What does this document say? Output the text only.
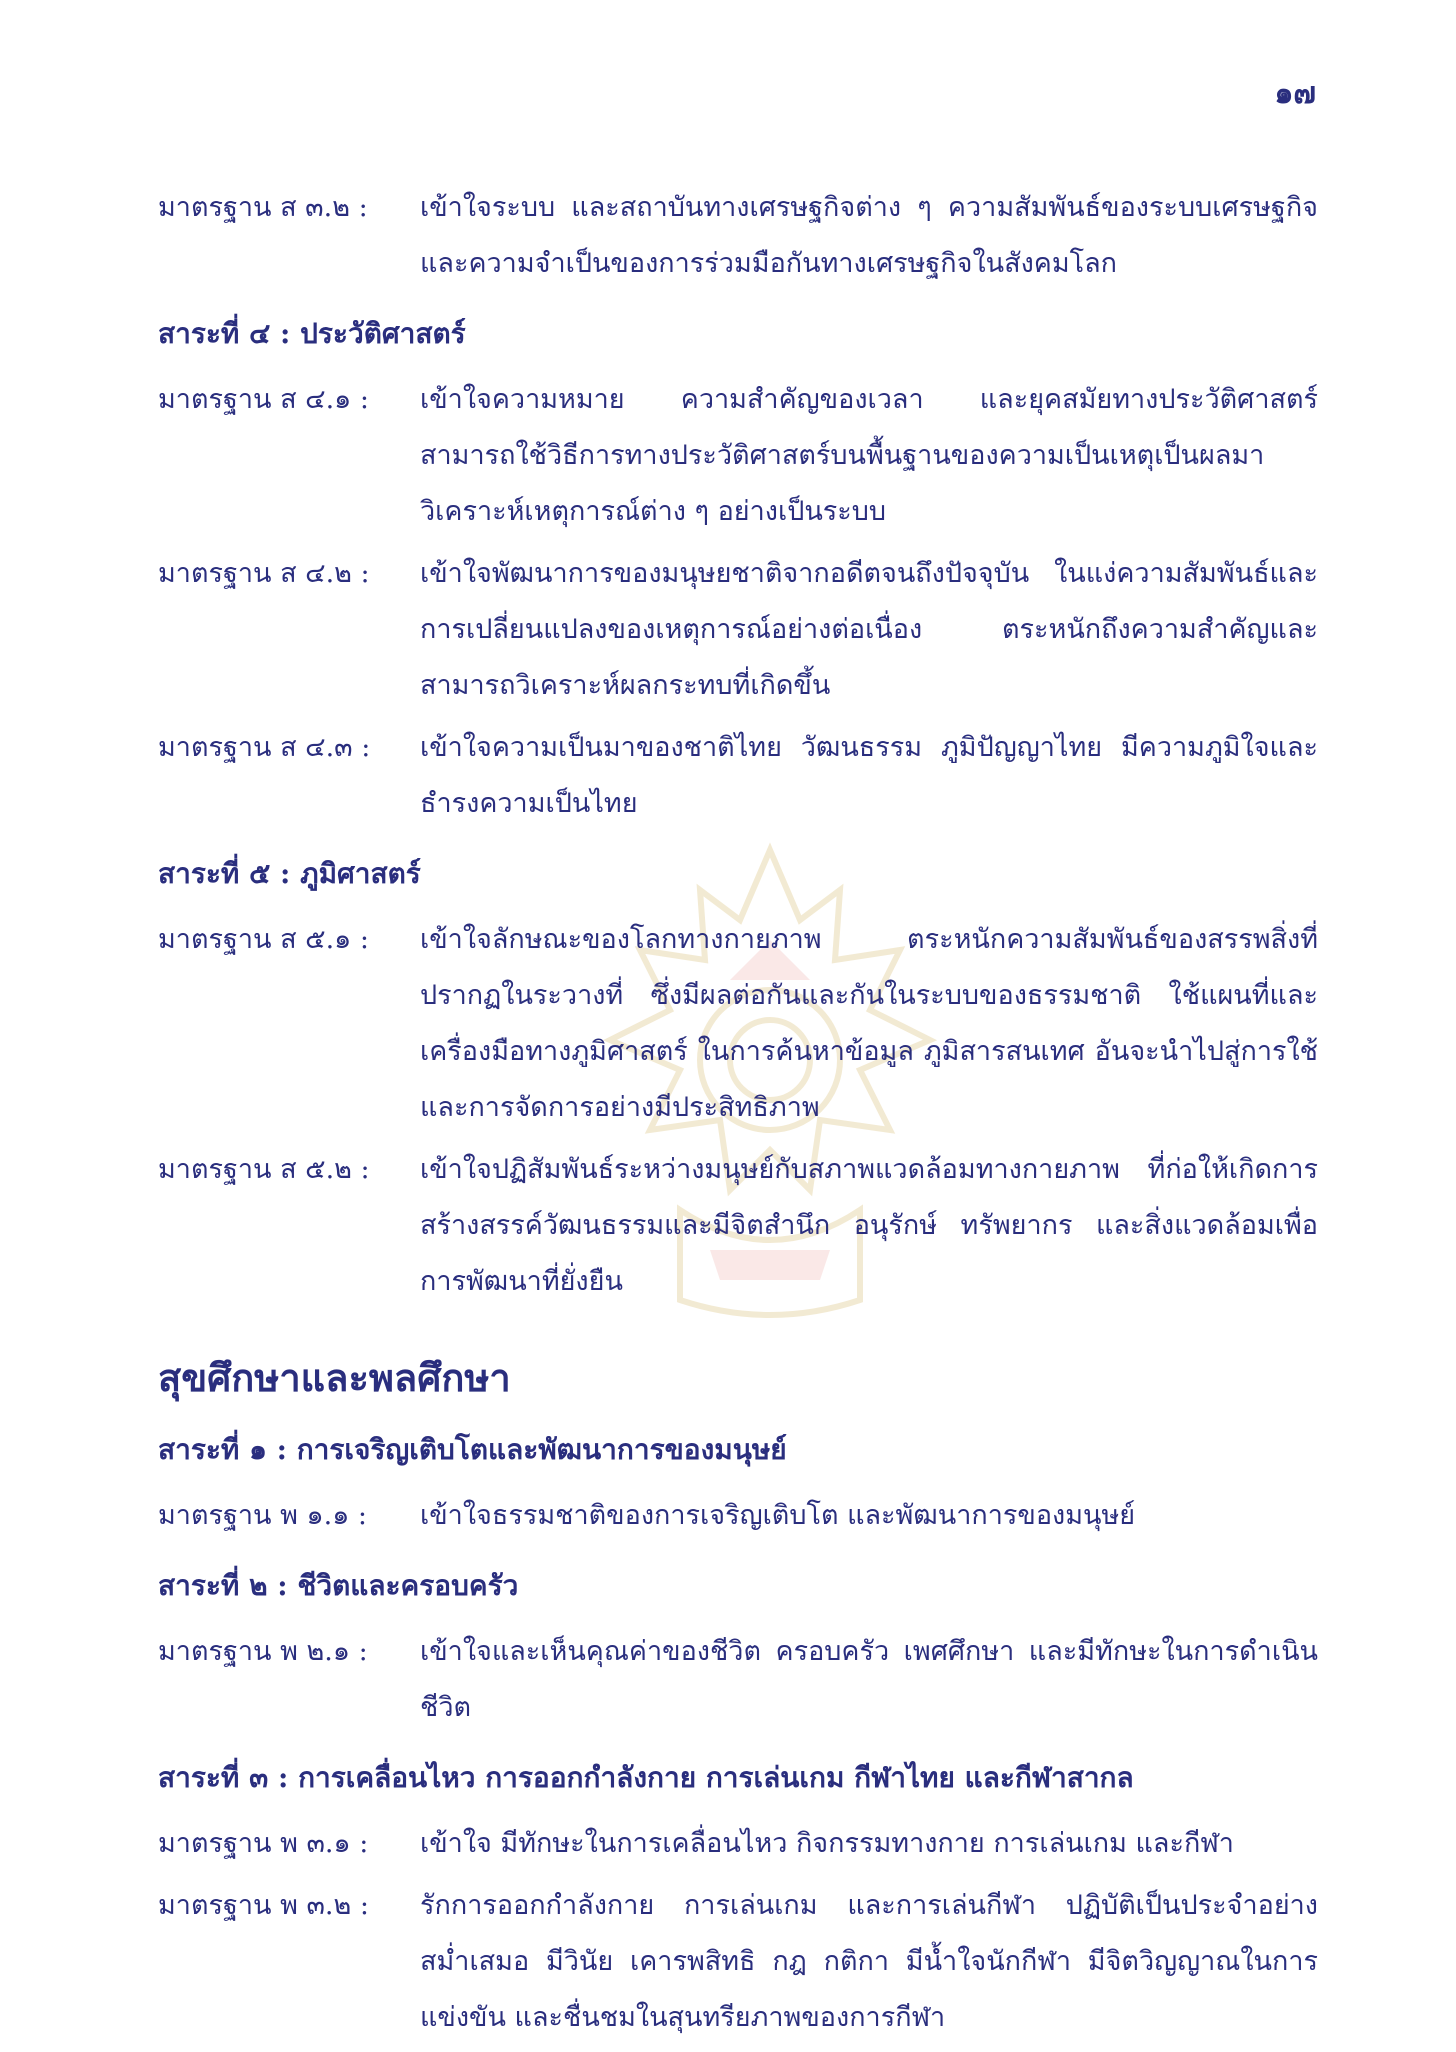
๑๗
มาตรฐาน ส ๓.๒ :	เข้าใจระบบ และสถาบันทางเศรษฐกิจต่าง ๆ ความสัมพันธ์ของระบบเศรษฐกิจ และความจำเป็นของการร่วมมือกันทางเศรษฐกิจในสังคมโลก
สาระที่ ๔ : ประวัติศาสตร์
มาตรฐาน ส ๔.๑ :	เข้าใจความหมาย ความสำคัญของเวลา และยุคสมัยทางประวัติศาสตร์ สามารถใช้วิธีการทางประวัติศาสตร์บนพื้นฐานของความเป็นเหตุเป็นผลมาวิเคราะห์เหตุการณ์ต่าง ๆ อย่างเป็นระบบ
มาตรฐาน ส ๔.๒ :	เข้าใจพัฒนาการของมนุษยชาติจากอดีตจนถึงปัจจุบัน ในแง่ความสัมพันธ์และการเปลี่ยนแปลงของเหตุการณ์อย่างต่อเนื่อง ตระหนักถึงความสำคัญและสามารถวิเคราะห์ผลกระทบที่เกิดขึ้น
มาตรฐาน ส ๔.๓ :	เข้าใจความเป็นมาของชาติไทย วัฒนธรรม ภูมิปัญญาไทย มีความภูมิใจและธำรงความเป็นไทย
สาระที่ ๕ : ภูมิศาสตร์
มาตรฐาน ส ๕.๑ :	เข้าใจลักษณะของโลกทางกายภาพ ตระหนักความสัมพันธ์ของสรรพสิ่งที่ปรากฏในระวางที่ ซึ่งมีผลต่อกันและกันในระบบของธรรมชาติ ใช้แผนที่และเครื่องมือทางภูมิศาสตร์ ในการค้นหาข้อมูล ภูมิสารสนเทศ อันจะนำไปสู่การใช้ และการจัดการอย่างมีประสิทธิภาพ
มาตรฐาน ส ๕.๒ :	เข้าใจปฏิสัมพันธ์ระหว่างมนุษย์กับสภาพแวดล้อมทางกายภาพ ที่ก่อให้เกิดการสร้างสรรค์วัฒนธรรมและมีจิตสำนึก อนุรักษ์ ทรัพยากร และสิ่งแวดล้อมเพื่อการพัฒนาที่ยั่งยืน
สุขศึกษาและพลศึกษา
สาระที่ ๑ : การเจริญเติบโตและพัฒนาการของมนุษย์
มาตรฐาน พ ๑.๑ :	เข้าใจธรรมชาติของการเจริญเติบโต และพัฒนาการของมนุษย์
สาระที่ ๒ : ชีวิตและครอบครัว
มาตรฐาน พ ๒.๑ :	เข้าใจและเห็นคุณค่าของชีวิต ครอบครัว เพศศึกษา และมีทักษะในการดำเนินชีวิต
สาระที่ ๓ : การเคลื่อนไหว การออกกำลังกาย การเล่นเกม กีฬาไทย และกีฬาสากล
มาตรฐาน พ ๓.๑ :	เข้าใจ มีทักษะในการเคลื่อนไหว กิจกรรมทางกาย การเล่นเกม และกีฬา
มาตรฐาน พ ๓.๒ :	รักการออกกำลังกาย การเล่นเกม และการเล่นกีฬา ปฏิบัติเป็นประจำอย่างสม่ำเสมอ มีวินัย เคารพสิทธิ กฎ กติกา มีน้ำใจนักกีฬา มีจิตวิญญาณในการแข่งขัน และชื่นชมในสุนทรียภาพของการกีฬา
